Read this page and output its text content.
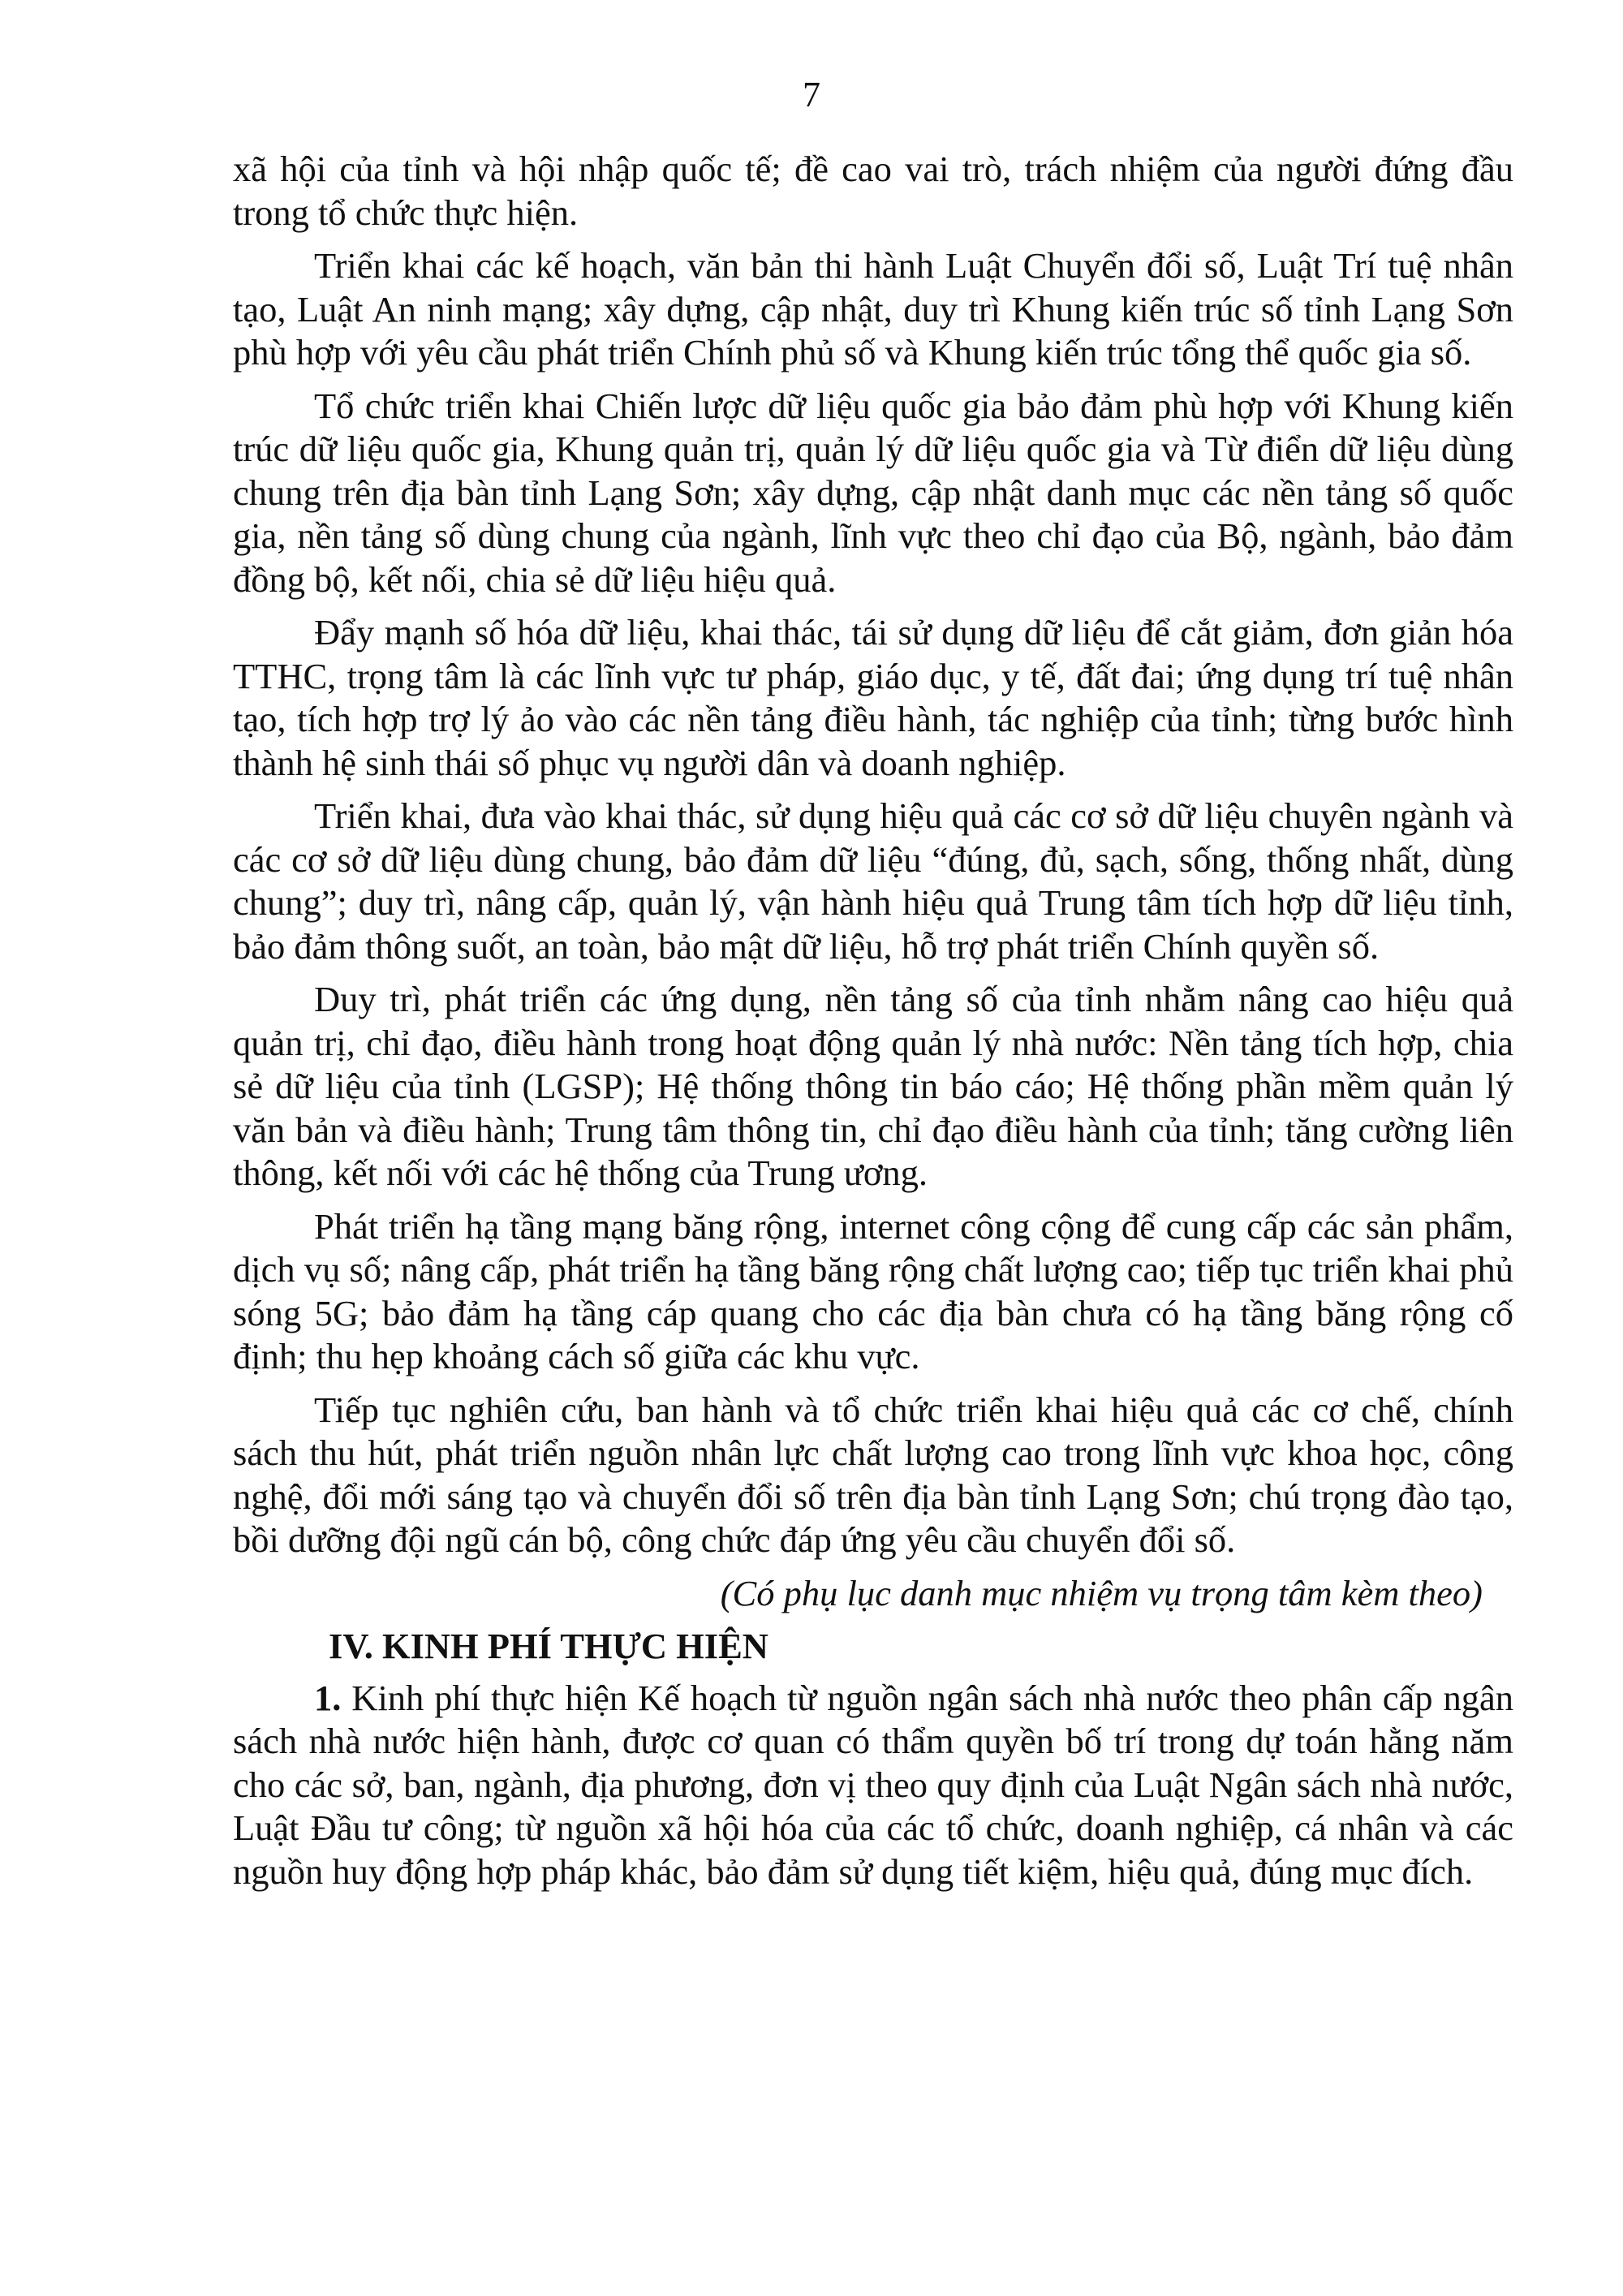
7

xã hội của tỉnh và hội nhập quốc tế; đề cao vai trò, trách nhiệm của người đứng đầu trong tổ chức thực hiện.

Triển khai các kế hoạch, văn bản thi hành Luật Chuyển đổi số, Luật Trí tuệ nhân tạo, Luật An ninh mạng; xây dựng, cập nhật, duy trì Khung kiến trúc số tỉnh Lạng Sơn phù hợp với yêu cầu phát triển Chính phủ số và Khung kiến trúc tổng thể quốc gia số.

Tổ chức triển khai Chiến lược dữ liệu quốc gia bảo đảm phù hợp với Khung kiến trúc dữ liệu quốc gia, Khung quản trị, quản lý dữ liệu quốc gia và Từ điển dữ liệu dùng chung trên địa bàn tỉnh Lạng Sơn; xây dựng, cập nhật danh mục các nền tảng số quốc gia, nền tảng số dùng chung của ngành, lĩnh vực theo chỉ đạo của Bộ, ngành, bảo đảm đồng bộ, kết nối, chia sẻ dữ liệu hiệu quả.

Đẩy mạnh số hóa dữ liệu, khai thác, tái sử dụng dữ liệu để cắt giảm, đơn giản hóa TTHC, trọng tâm là các lĩnh vực tư pháp, giáo dục, y tế, đất đai; ứng dụng trí tuệ nhân tạo, tích hợp trợ lý ảo vào các nền tảng điều hành, tác nghiệp của tỉnh; từng bước hình thành hệ sinh thái số phục vụ người dân và doanh nghiệp.

Triển khai, đưa vào khai thác, sử dụng hiệu quả các cơ sở dữ liệu chuyên ngành và các cơ sở dữ liệu dùng chung, bảo đảm dữ liệu “đúng, đủ, sạch, sống, thống nhất, dùng chung”; duy trì, nâng cấp, quản lý, vận hành hiệu quả Trung tâm tích hợp dữ liệu tỉnh, bảo đảm thông suốt, an toàn, bảo mật dữ liệu, hỗ trợ phát triển Chính quyền số.

Duy trì, phát triển các ứng dụng, nền tảng số của tỉnh nhằm nâng cao hiệu quả quản trị, chỉ đạo, điều hành trong hoạt động quản lý nhà nước: Nền tảng tích hợp, chia sẻ dữ liệu của tỉnh (LGSP); Hệ thống thông tin báo cáo; Hệ thống phần mềm quản lý văn bản và điều hành; Trung tâm thông tin, chỉ đạo điều hành của tỉnh; tăng cường liên thông, kết nối với các hệ thống của Trung ương.

Phát triển hạ tầng mạng băng rộng, internet công cộng để cung cấp các sản phẩm, dịch vụ số; nâng cấp, phát triển hạ tầng băng rộng chất lượng cao; tiếp tục triển khai phủ sóng 5G; bảo đảm hạ tầng cáp quang cho các địa bàn chưa có hạ tầng băng rộng cố định; thu hẹp khoảng cách số giữa các khu vực.

Tiếp tục nghiên cứu, ban hành và tổ chức triển khai hiệu quả các cơ chế, chính sách thu hút, phát triển nguồn nhân lực chất lượng cao trong lĩnh vực khoa học, công nghệ, đổi mới sáng tạo và chuyển đổi số trên địa bàn tỉnh Lạng Sơn; chú trọng đào tạo, bồi dưỡng đội ngũ cán bộ, công chức đáp ứng yêu cầu chuyển đổi số.

(Có phụ lục danh mục nhiệm vụ trọng tâm kèm theo)

IV. KINH PHÍ THỰC HIỆN

1. Kinh phí thực hiện Kế hoạch từ nguồn ngân sách nhà nước theo phân cấp ngân sách nhà nước hiện hành, được cơ quan có thẩm quyền bố trí trong dự toán hằng năm cho các sở, ban, ngành, địa phương, đơn vị theo quy định của Luật Ngân sách nhà nước, Luật Đầu tư công; từ nguồn xã hội hóa của các tổ chức, doanh nghiệp, cá nhân và các nguồn huy động hợp pháp khác, bảo đảm sử dụng tiết kiệm, hiệu quả, đúng mục đích.
